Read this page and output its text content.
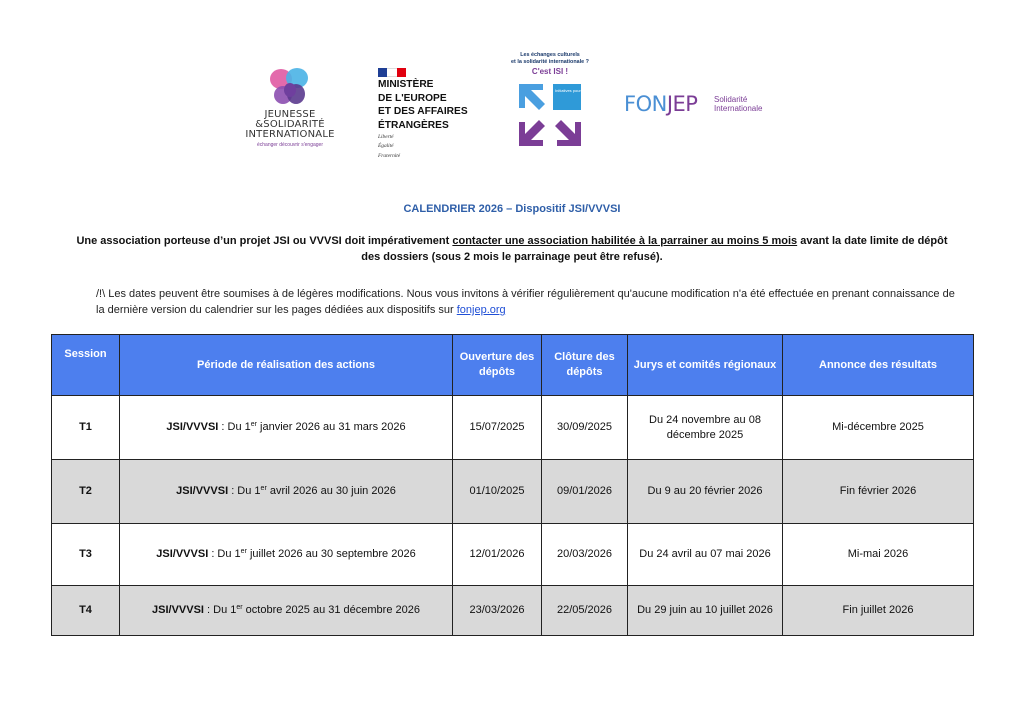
JEUNESSE
&SOLIDARITÉ
INTERNATIONALE
échanger découvrir s'engager
MINISTÈRE
DE L'EUROPE
ET DES AFFAIRES
ÉTRANGÈRES
Liberté
Égalité
Fraternité
Les échanges culturels
et la solidarité internationale ?
C'est ISI !
Initiatives pour la solidarité internationale
FONJEP Solidarité
Internationale
CALENDRIER 2026 – Dispositif JSI/VVVSI
Une association porteuse d’un projet JSI ou VVVSI doit impérativement contacter une association habilitée à la parrainer au moins 5 mois avant la date limite de dépôt des dossiers (sous 2 mois le parrainage peut être refusé).
/!\ Les dates peuvent être soumises à de légères modifications. Nous vous invitons à vérifier régulièrement qu'aucune modification n'a été effectuée en prenant connaissance de la dernière version du calendrier sur les pages dédiées aux dispositifs sur fonjep.org
Session	Période de réalisation des actions	Ouverture des dépôts	Clôture des dépôts	Jurys et comités régionaux	Annonce des résultats
T1	JSI/VVVSI : Du 1er janvier 2026 au 31 mars 2026	15/07/2025	30/09/2025	Du 24 novembre au 08 décembre 2025	Mi-décembre 2025
T2	JSI/VVVSI : Du 1er avril 2026 au 30 juin 2026	01/10/2025	09/01/2026	Du 9 au 20 février 2026	Fin février 2026
T3	JSI/VVVSI : Du 1er juillet 2026 au 30 septembre 2026	12/01/2026	20/03/2026	Du 24 avril au 07 mai 2026	Mi-mai 2026
T4	JSI/VVVSI : Du 1er octobre 2025 au 31 décembre 2026	23/03/2026	22/05/2026	Du 29 juin au 10 juillet 2026	Fin juillet 2026
